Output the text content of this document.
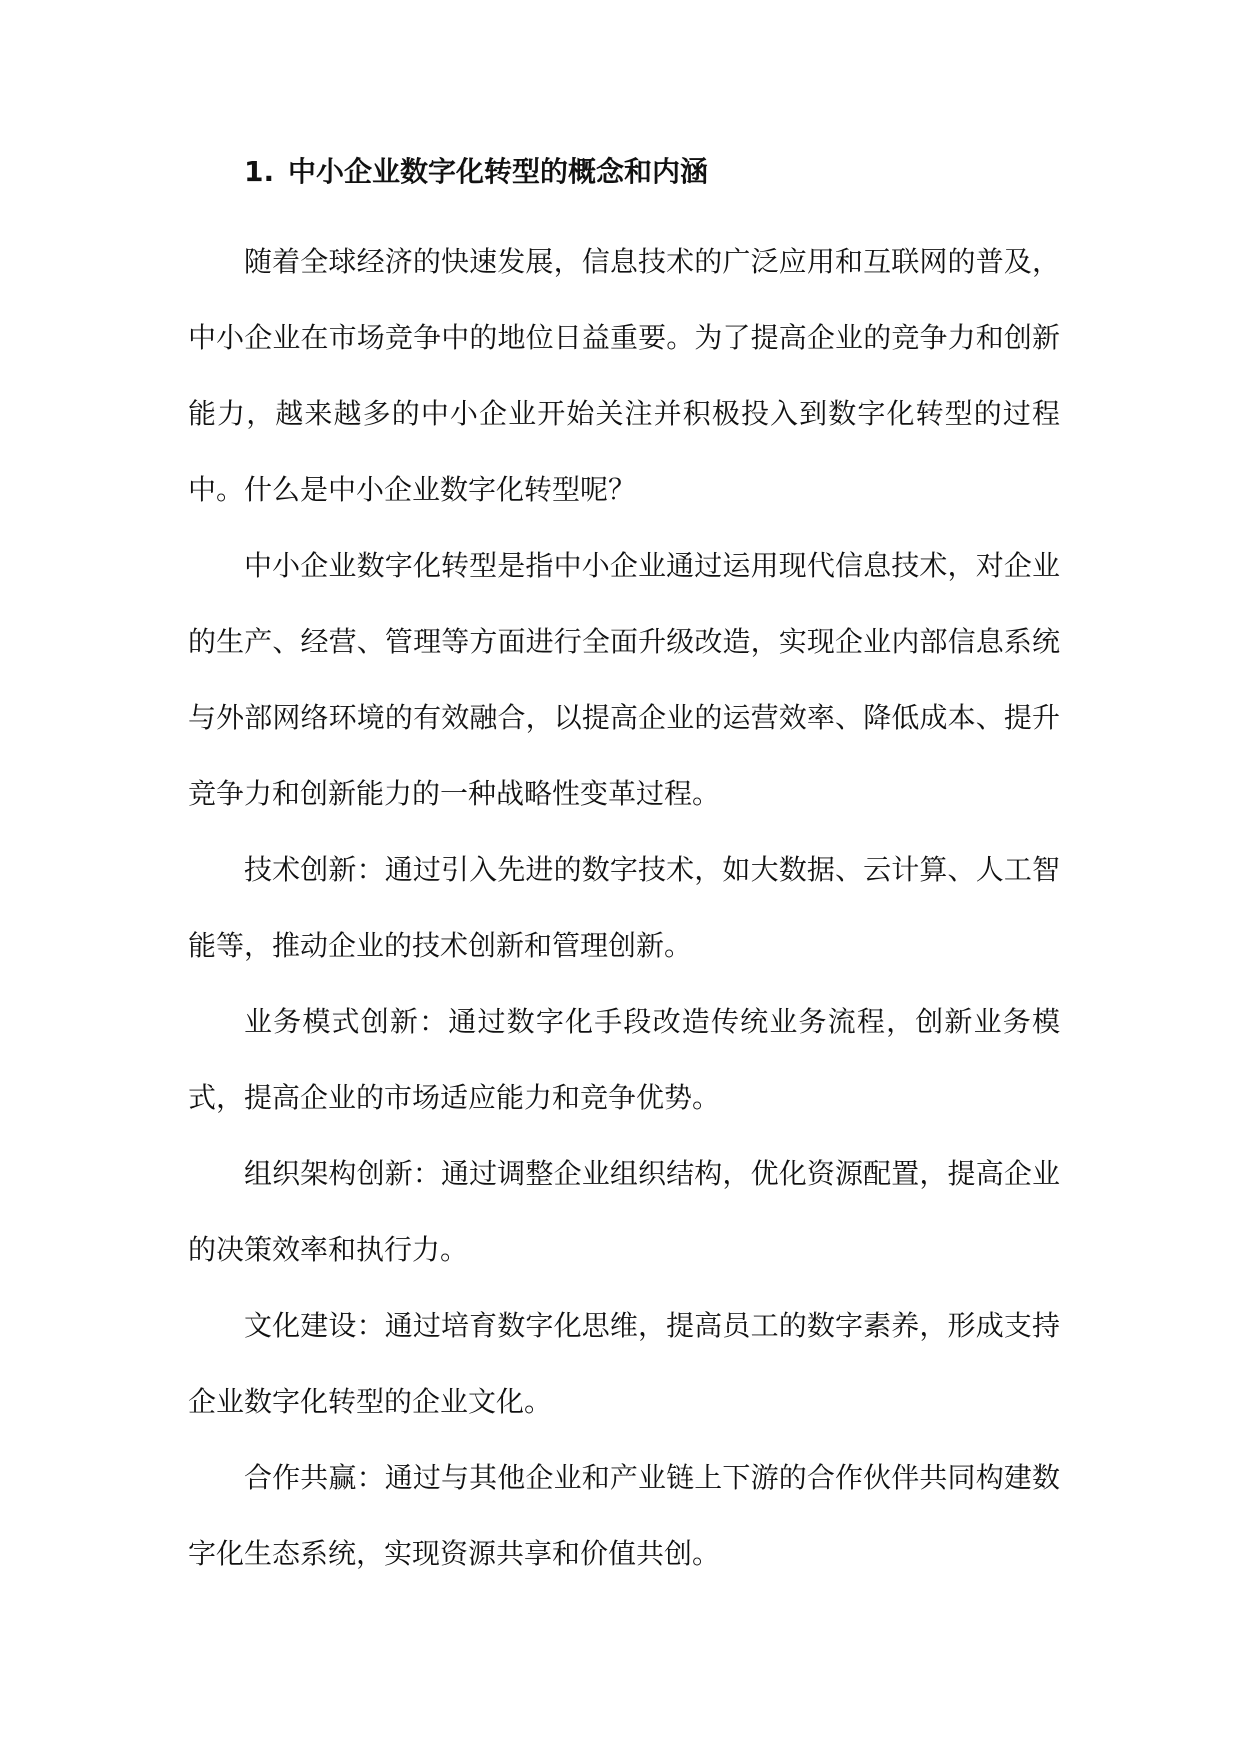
1. 中小企业数字化转型的概念和内涵

随着全球经济的快速发展，信息技术的广泛应用和互联网的普及，中小企业在市场竞争中的地位日益重要。为了提高企业的竞争力和创新能力，越来越多的中小企业开始关注并积极投入到数字化转型的过程中。什么是中小企业数字化转型呢？

中小企业数字化转型是指中小企业通过运用现代信息技术，对企业的生产、经营、管理等方面进行全面升级改造，实现企业内部信息系统与外部网络环境的有效融合，以提高企业的运营效率、降低成本、提升竞争力和创新能力的一种战略性变革过程。

技术创新：通过引入先进的数字技术，如大数据、云计算、人工智能等，推动企业的技术创新和管理创新。

业务模式创新：通过数字化手段改造传统业务流程，创新业务模式，提高企业的市场适应能力和竞争优势。

组织架构创新：通过调整企业组织结构，优化资源配置，提高企业的决策效率和执行力。

文化建设：通过培育数字化思维，提高员工的数字素养，形成支持企业数字化转型的企业文化。

合作共赢：通过与其他企业和产业链上下游的合作伙伴共同构建数字化生态系统，实现资源共享和价值共创。
